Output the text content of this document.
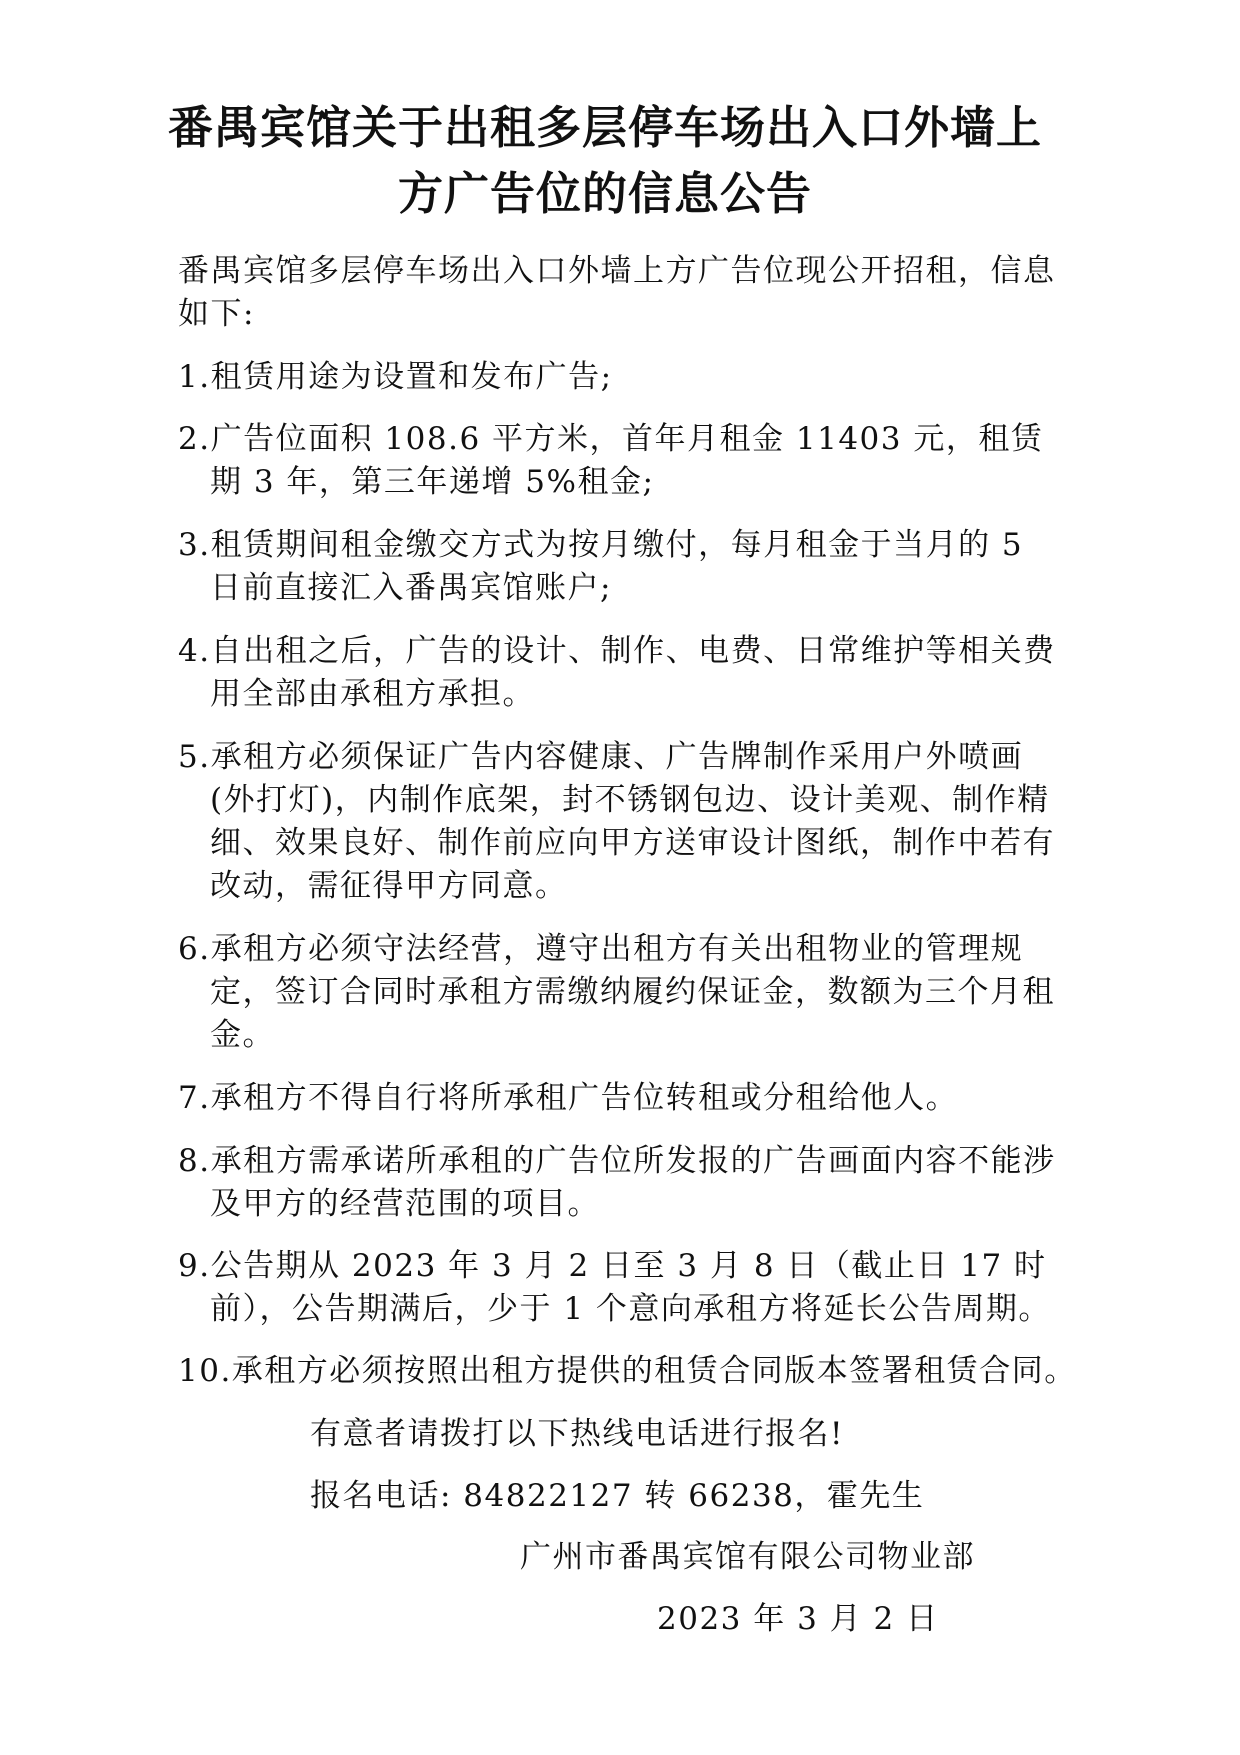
番禺宾馆关于出租多层停车场出入口外墙上
方广告位的信息公告
番禺宾馆多层停车场出入口外墙上方广告位现公开招租，信息如下:
1.租赁用途为设置和发布广告;
2.广告位面积 108.6 平方米，首年月租金 11403 元，租赁期 3 年，第三年递增 5%租金;
3.租赁期间租金缴交方式为按月缴付，每月租金于当月的 5 日前直接汇入番禺宾馆账户;
4.自出租之后，广告的设计、制作、电费、日常维护等相关费用全部由承租方承担。
5.承租方必须保证广告内容健康、广告牌制作采用户外喷画(外打灯)，内制作底架，封不锈钢包边、设计美观、制作精细、效果良好、制作前应向甲方送审设计图纸，制作中若有改动，需征得甲方同意。
6.承租方必须守法经营，遵守出租方有关出租物业的管理规定，签订合同时承租方需缴纳履约保证金，数额为三个月租金。
7.承租方不得自行将所承租广告位转租或分租给他人。
8.承租方需承诺所承租的广告位所发报的广告画面内容不能涉及甲方的经营范围的项目。
9.公告期从 2023 年 3 月 2 日至 3 月 8 日（截止日 17 时前），公告期满后，少于 1 个意向承租方将延长公告周期。
10.承租方必须按照出租方提供的租赁合同版本签署租赁合同。
有意者请拨打以下热线电话进行报名!
报名电话: 84822127 转 66238，霍先生
广州市番禺宾馆有限公司物业部
2023 年 3 月 2 日
